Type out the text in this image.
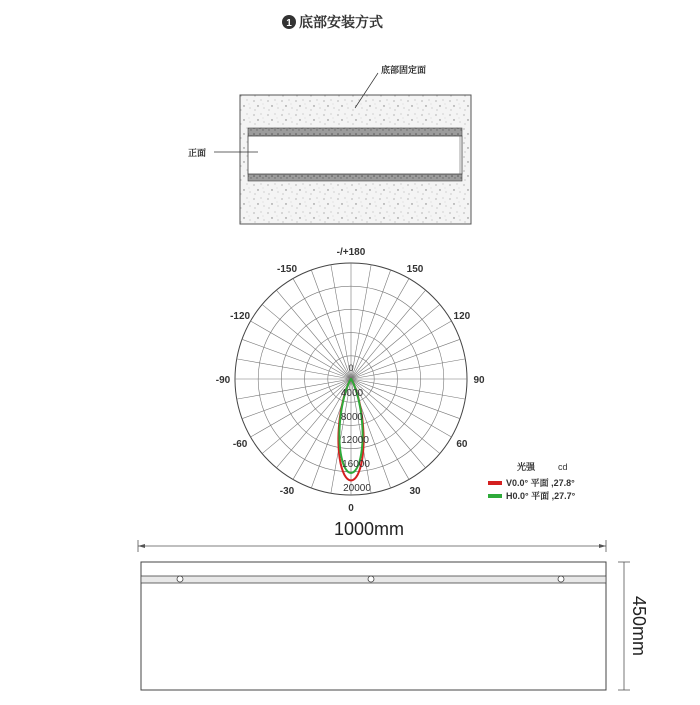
1 底部安装方式
底部固定面
正面
-/+180
150
120
90
60
30
0
-30
-60
-90
-120
-150
0
4000
8000
12000
16000
20000
光强	cd
V0.0° 平面 ,27.8°
H0.0° 平面 ,27.7°
1000mm
450mm
